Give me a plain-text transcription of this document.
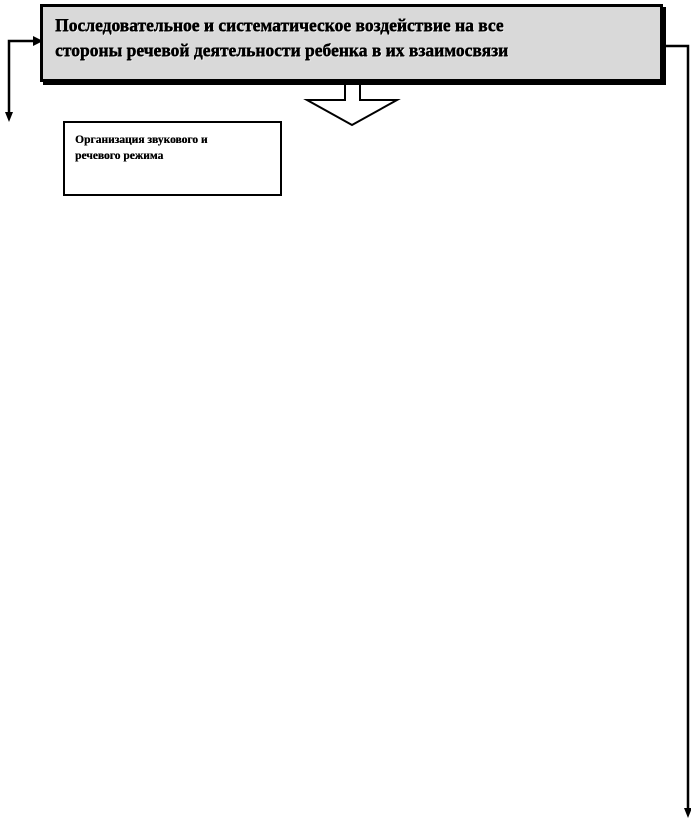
Последовательное и систематическое воздействие на все
стороны речевой деятельности ребенка в их взаимосвязи
Организация звукового и
речевого режима
